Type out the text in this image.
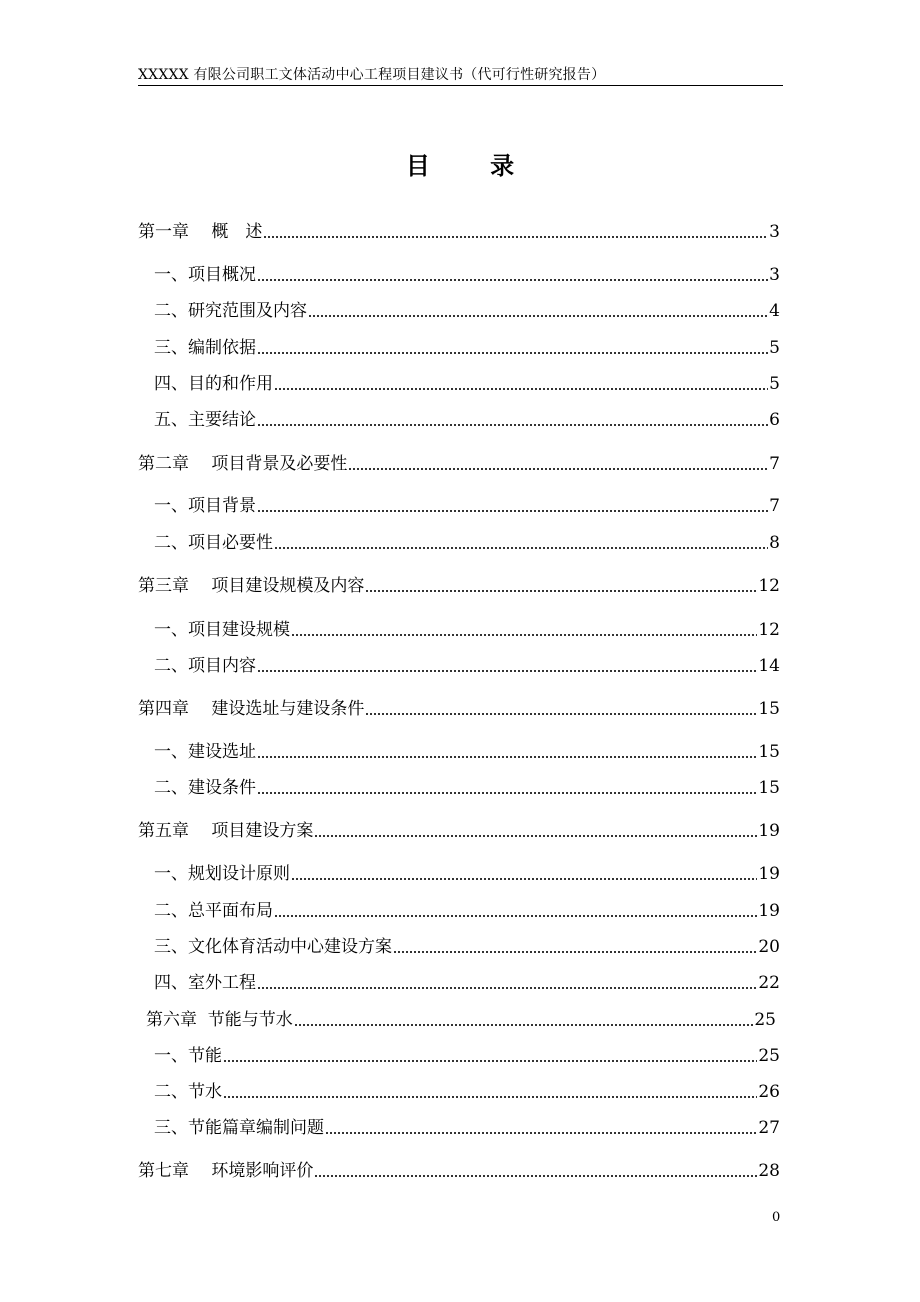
XXXXX 有限公司职工文体活动中心工程项目建议书（代可行性研究报告）
目 录
第一章　 概　述	3
一、项目概况	3
二、研究范围及内容	4
三、编制依据	5
四、目的和作用	5
五、主要结论	6
第二章　 项目背景及必要性	7
一、项目背景	7
二、项目必要性	8
第三章　 项目建设规模及内容	12
一、项目建设规模	12
二、项目内容	14
第四章　 建设选址与建设条件	15
一、建设选址	15
二、建设条件	15
第五章　 项目建设方案	19
一、规划设计原则	19
二、总平面布局	19
三、文化体育活动中心建设方案	20
四、室外工程	22
第六章  节能与节水	25
一、节能	25
二、节水	26
三、节能篇章编制问题	27
第七章　 环境影响评价	28
0
